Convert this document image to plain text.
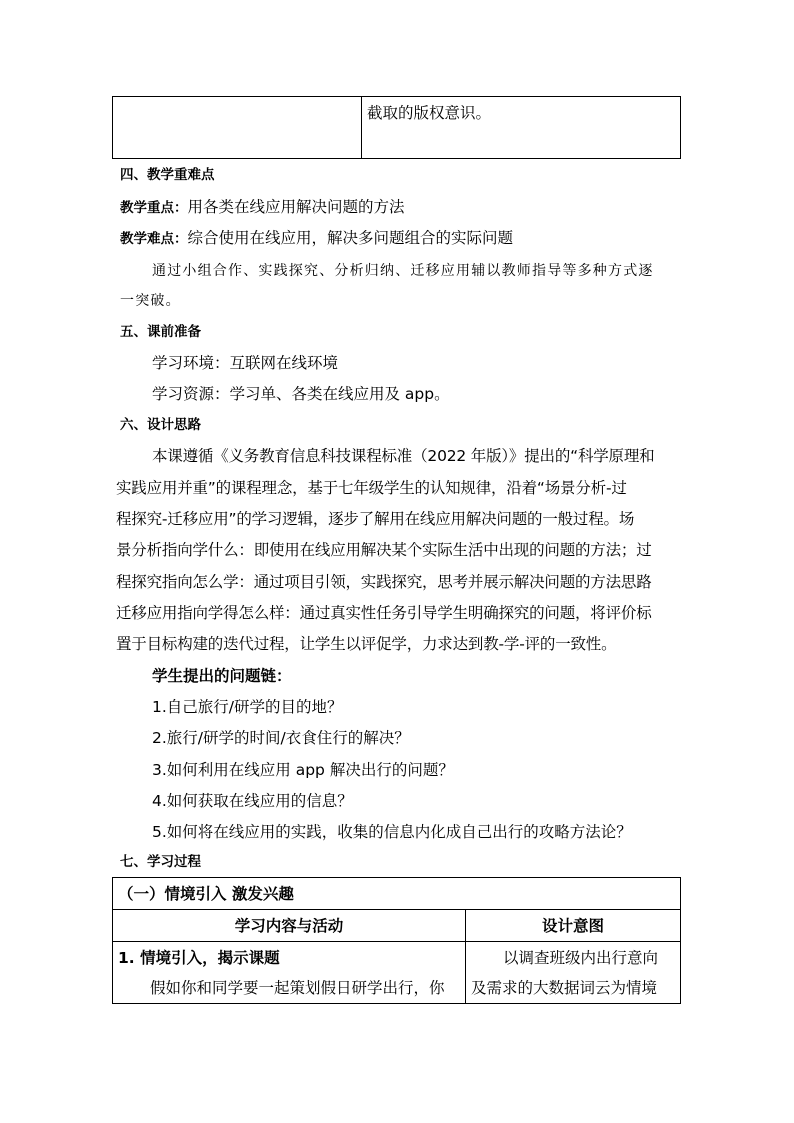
截取的版权意识。
四、教学重难点
教学重点：用各类在线应用解决问题的方法
教学难点：综合使用在线应用，解决多问题组合的实际问题
通过小组合作、实践探究、分析归纳、迁移应用辅以教师指导等多种方式逐
一突破。
五、课前准备
学习环境：互联网在线环境
学习资源：学习单、各类在线应用及 app。
六、设计思路
本课遵循《义务教育信息科技课程标准（2022 年版）》提出的“科学原理和
实践应用并重”的课程理念，基于七年级学生的认知规律，沿着“场景分析-过
程探究-迁移应用”的学习逻辑，逐步了解用在线应用解决问题的一般过程。场
景分析指向学什么：即使用在线应用解决某个实际生活中出现的问题的方法；过
程探究指向怎么学：通过项目引领，实践探究，思考并展示解决问题的方法思路
迁移应用指向学得怎么样：通过真实性任务引导学生明确探究的问题，将评价标
置于目标构建的迭代过程，让学生以评促学，力求达到教-学-评的一致性。
学生提出的问题链：
1.自己旅行/研学的目的地？
2.旅行/研学的时间/衣食住行的解决？
3.如何利用在线应用 app 解决出行的问题？
4.如何获取在线应用的信息？
5.如何将在线应用的实践，收集的信息内化成自己出行的攻略方法论？
七、学习过程
（一）情境引入 激发兴趣
学习内容与活动	设计意图
1. 情境引入，揭示课题
假如你和同学要一起策划假日研学出行，你
以调查班级内出行意向
及需求的大数据词云为情境
